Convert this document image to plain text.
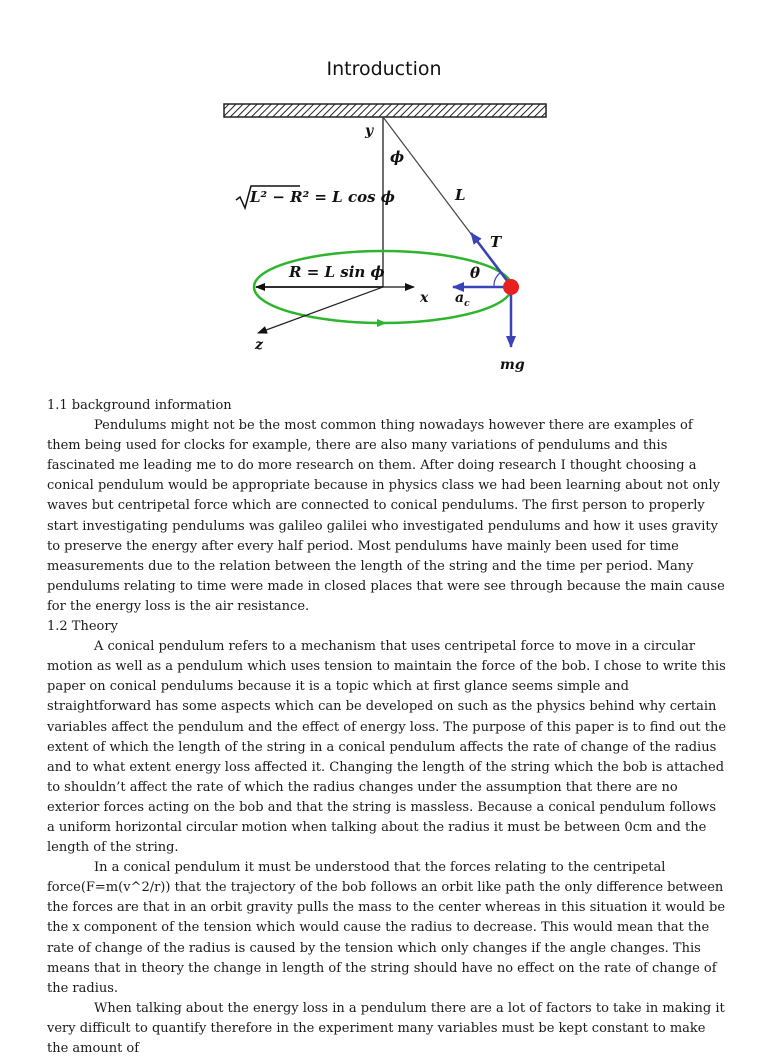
Introduction
y
ϕ
L² − R² = L cos ϕ	L
T
R = L sin ϕ	θ
x $a_c$
z
mg

1.1 background information

Pendulums might not be the most common thing nowadays however there are examples of them being used for clocks for example, there are also many variations of pendulums and this fascinated me leading me to do more research on them. After doing research I thought choosing a conical pendulum would be appropriate because in physics class we had been learning about not only waves but centripetal force which are connected to conical pendulums. The first person to properly start investigating pendulums was galileo galilei who investigated pendulums and how it uses gravity to preserve the energy after every half period. Most pendulums have mainly been used for time measurements due to the relation between the length of the string and the time per period. Many pendulums relating to time were made in closed places that were see through because the main cause for the energy loss is the air resistance.

1.2 Theory

A conical pendulum refers to a mechanism that uses centripetal force to move in a circular motion as well as a pendulum which uses tension to maintain the force of the bob. I chose to write this paper on conical pendulums because it is a topic which at first glance seems simple and straightforward has some aspects which can be developed on such as the physics behind why certain variables affect the pendulum and the effect of energy loss. The purpose of this paper is to find out the extent of which the length of the string in a conical pendulum affects the rate of change of the radius and to what extent energy loss affected it. Changing the length of the string which the bob is attached to shouldn’t affect the rate of which the radius changes under the assumption that there are no exterior forces acting on the bob and that the string is massless. Because a conical pendulum follows a uniform horizontal circular motion when talking about the radius it must be between 0cm and the length of the string.

In a conical pendulum it must be understood that the forces relating to the centripetal force(F=m(v^2/r)) that the trajectory of the bob follows an orbit like path the only difference between the forces are that in an orbit gravity pulls the mass to the center whereas in this situation it would be the x component of the tension which would cause the radius to decrease. This would mean that the rate of change of the radius is caused by the tension which only changes if the angle changes. This means that in theory the change in length of the string should have no effect on the rate of change of the radius.

When talking about the energy loss in a pendulum there are a lot of factors to take in making it very difficult to quantify therefore in the experiment many variables must be kept constant to make the amount of
